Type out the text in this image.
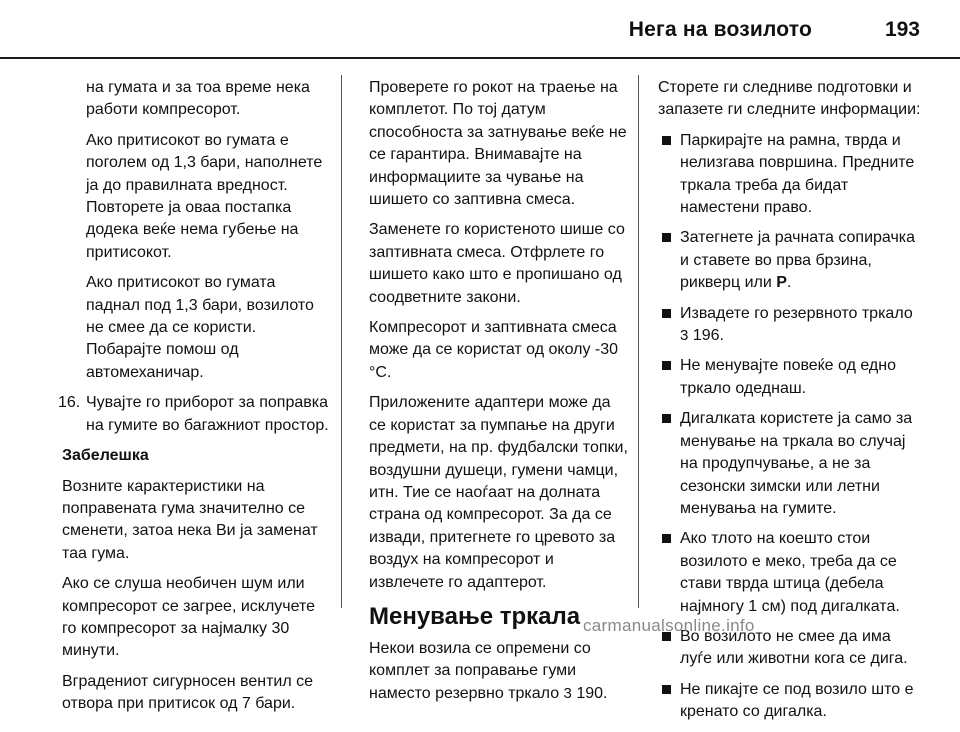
Нега на возилото	193

на гумата и за тоа време нека работи компресорот.

Ако притисокот во гумата е поголем од 1,3 бари, наполнете ја до правилната вредност. Повторете ја оваа постапка додека веќе нема губење на притисокот.

Ако притисокот во гумата паднал под 1,3 бари, возилото не смее да се користи. Побарајте помош од автомеханичар.

16. Чувајте го приборот за поправка на гумите во багажниот простор.

Забелешка

Возните карактеристики на поправената гума значително се сменети, затоа нека Ви ја заменат таа гума.

Ако се слуша необичен шум или компресорот се загрее, исклучете го компресорот за најмалку 30 минути.

Вградениот сигурносен вентил се отвора при притисок од 7 бари.

Проверете го рокот на траење на комплетот. По тој датум способноста за затнување веќе не се гарантира. Внимавајте на информациите за чување на шишето со заптивна смеса.

Заменете го користеното шише со заптивната смеса. Отфрлете го шишето како што е пропишано од соодветните закони.

Компресорот и заптивната смеса може да се користат од околу -30 °C.

Приложените адаптери може да се користат за пумпање на други предмети, на пр. фудбалски топки, воздушни душеци, гумени чамци, итн. Тие се наоѓаат на долната страна од компресорот. За да се извади, притегнете го цревото за воздух на компресорот и извлечете го адаптерот.

Менување тркала

Некои возила се опремени со комплет за поправање гуми наместо резервно тркало 3 190.

Сторете ги следниве подготовки и запазете ги следните информации:

Паркирајте на рамна, тврда и нелизгава површина. Предните тркала треба да бидат наместени право.
Затегнете ја рачната сопирачка и ставете во прва брзина, рикверц или P.
Извадете го резервното тркало
3 196.
Не менувајте повеќе од едно тркало одеднаш.
Дигалката користете ја само за менување на тркала во случај на продупчување, а не за сезонски зимски или летни менувања на гумите.
Ако тлото на коешто стои возилото е меко, треба да се стави тврда штица (дебела најмногу 1 см) под дигалката.
Во возилото не смее да има луѓе или животни кога се дига.
Не пикајте се под возило што е кренато со дигалка.
carmanualsonline.info
